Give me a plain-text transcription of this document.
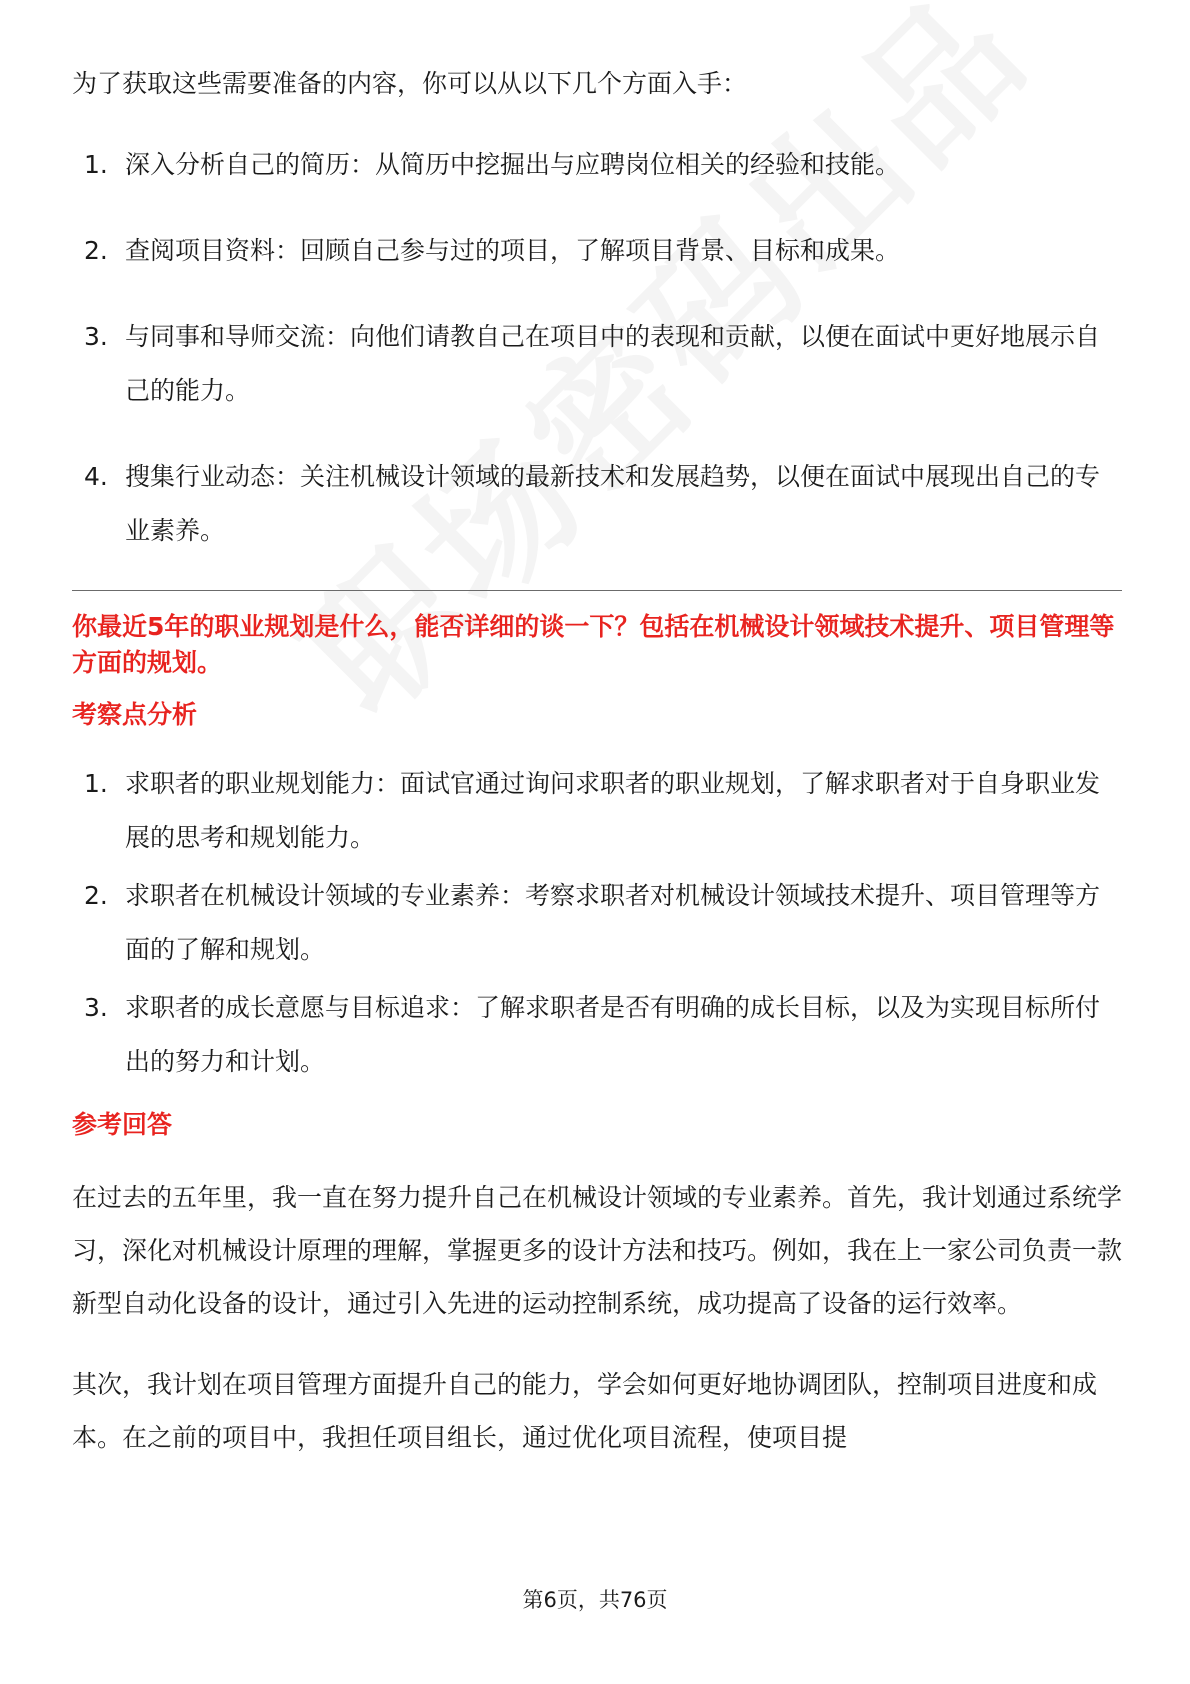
为了获取这些需要准备的内容，你可以从以下几个方面入手：

1. 深入分析自己的简历：从简历中挖掘出与应聘岗位相关的经验和技能。
2. 查阅项目资料：回顾自己参与过的项目，了解项目背景、目标和成果。
3. 与同事和导师交流：向他们请教自己在项目中的表现和贡献，以便在面试中更好地展示自己的能力。
4. 搜集行业动态：关注机械设计领域的最新技术和发展趋势，以便在面试中展现出自己的专业素养。

你最近5年的职业规划是什么，能否详细的谈一下？包括在机械设计领域技术提升、项目管理等方面的规划。

考察点分析

1. 求职者的职业规划能力：面试官通过询问求职者的职业规划，了解求职者对于自身职业发展的思考和规划能力。
2. 求职者在机械设计领域的专业素养：考察求职者对机械设计领域技术提升、项目管理等方面的了解和规划。
3. 求职者的成长意愿与目标追求：了解求职者是否有明确的成长目标，以及为实现目标所付出的努力和计划。

参考回答

在过去的五年里，我一直在努力提升自己在机械设计领域的专业素养。首先，我计划通过系统学习，深化对机械设计原理的理解，掌握更多的设计方法和技巧。例如，我在上一家公司负责一款新型自动化设备的设计，通过引入先进的运动控制系统，成功提高了设备的运行效率。

其次，我计划在项目管理方面提升自己的能力，学会如何更好地协调团队，控制项目进度和成本。在之前的项目中，我担任项目组长，通过优化项目流程，使项目提

第6页，共76页
